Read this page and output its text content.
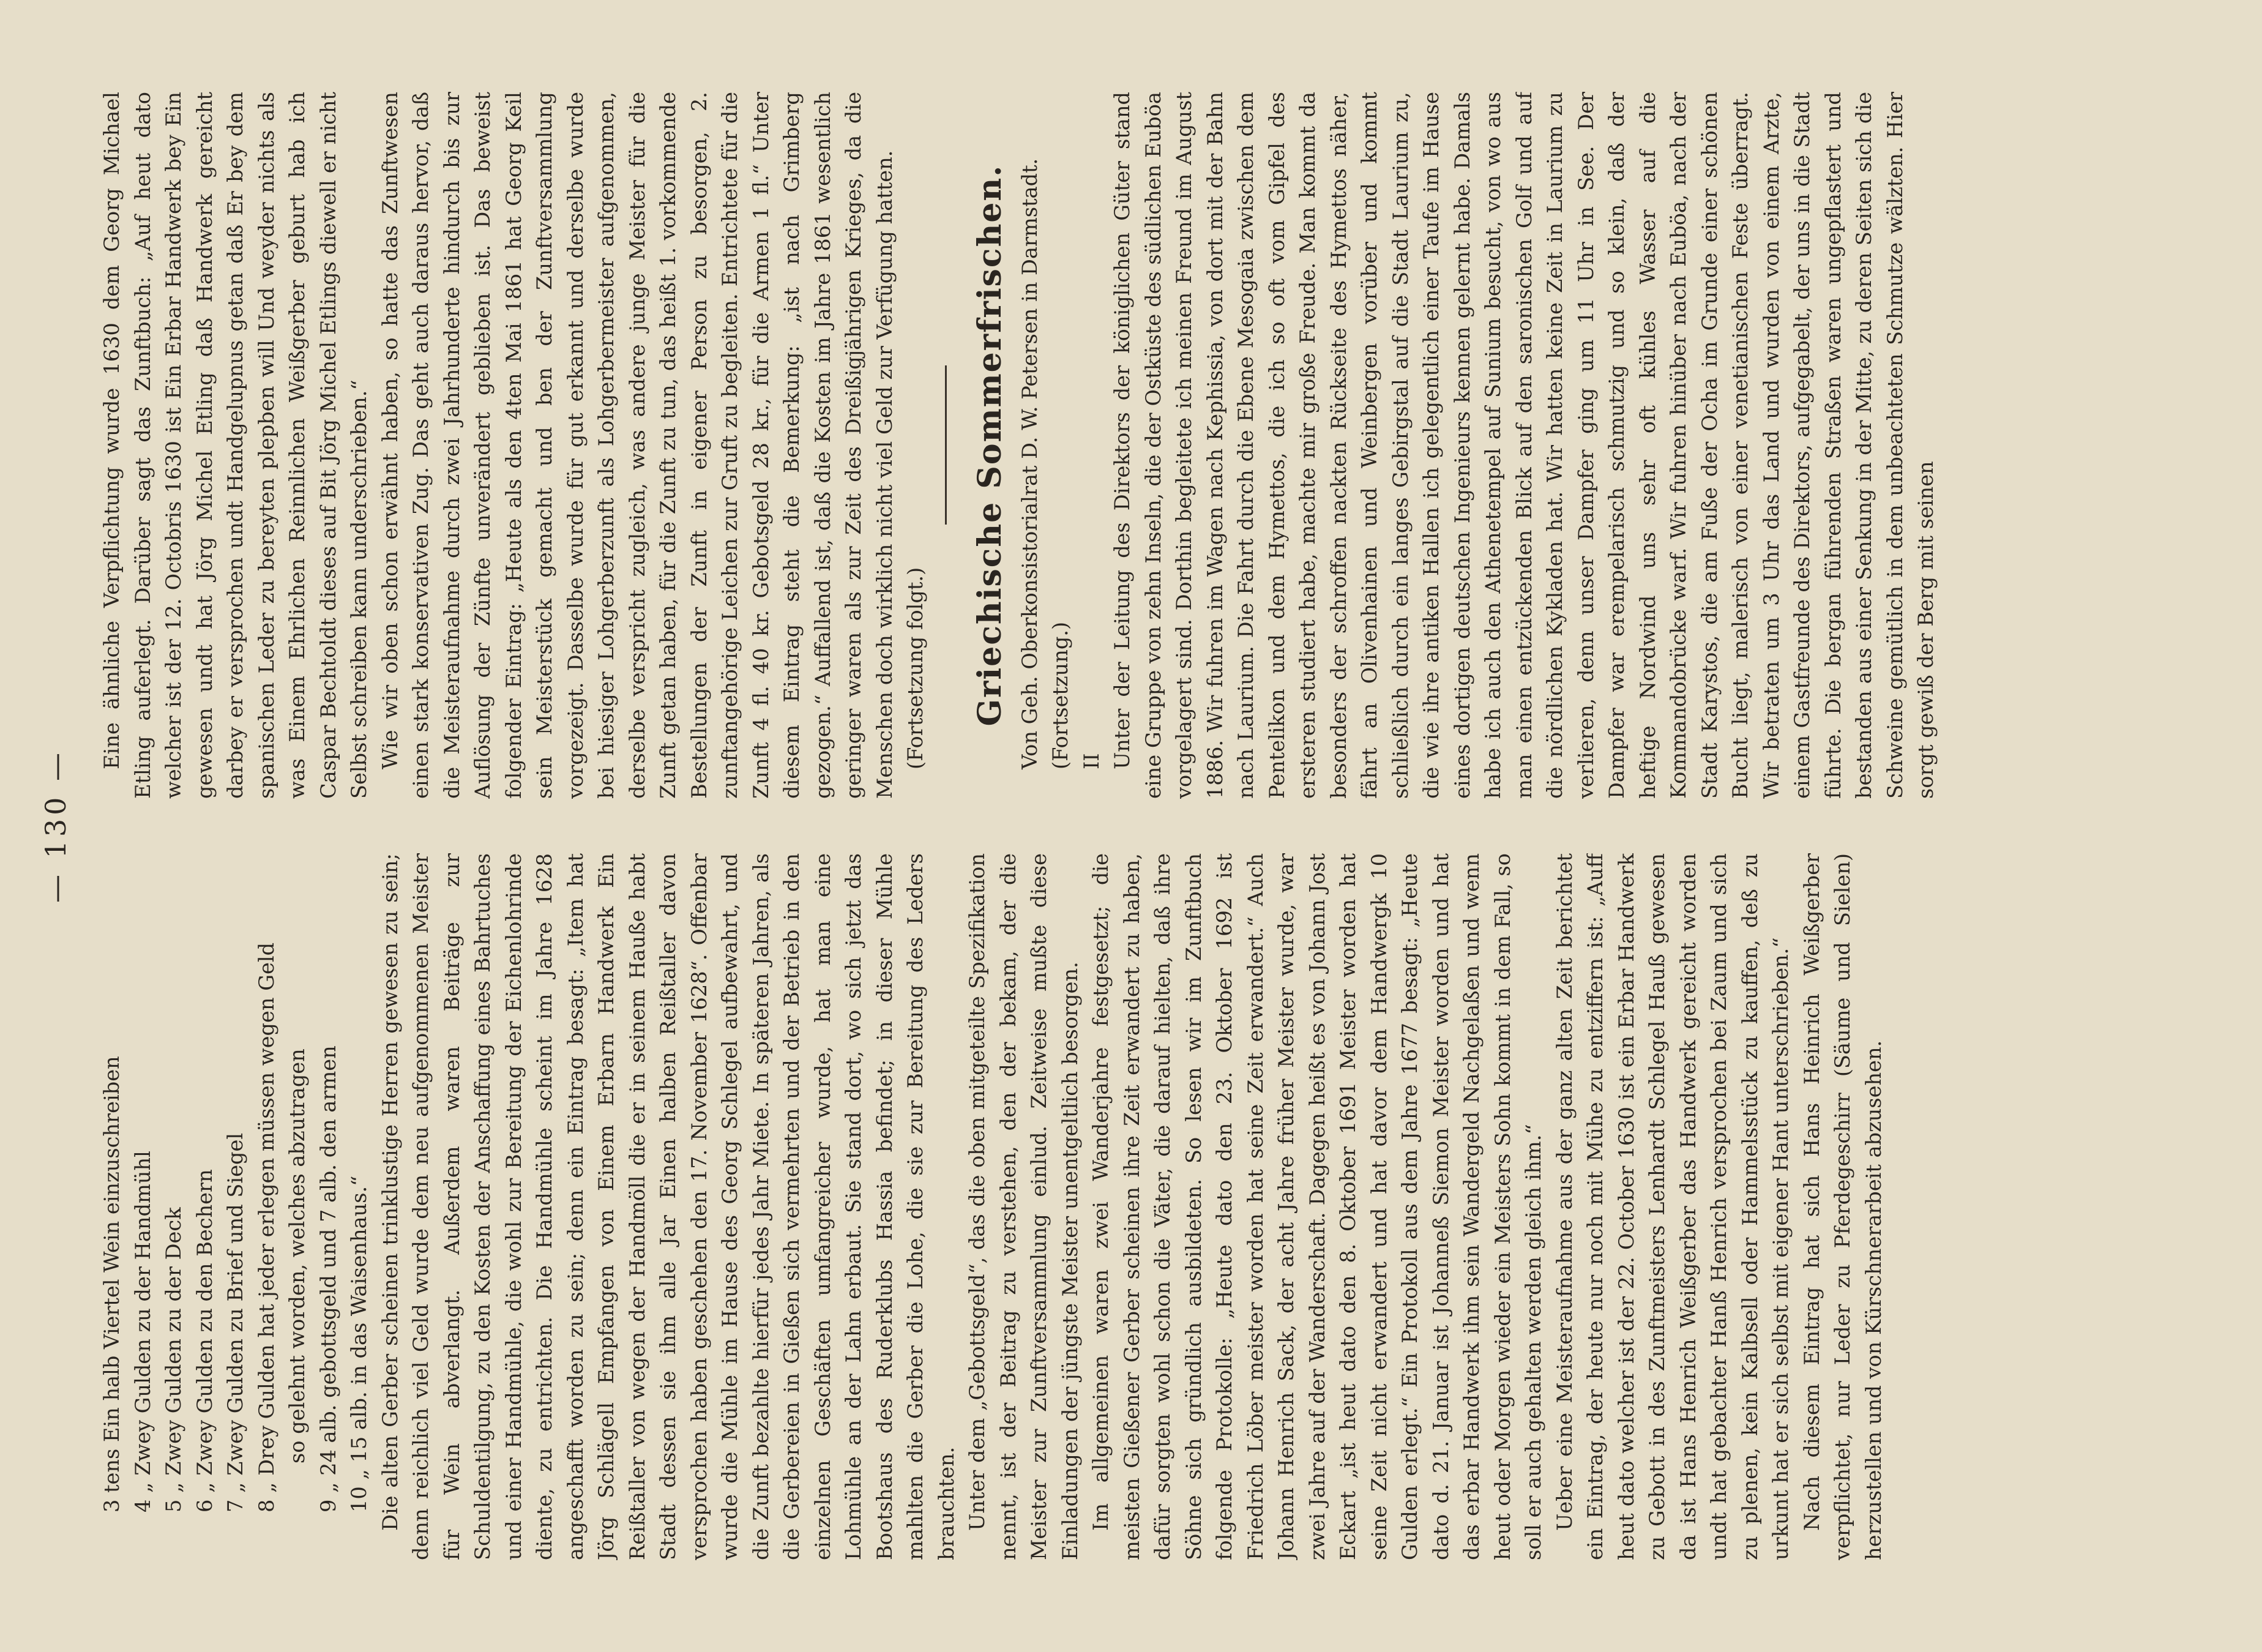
— 130 —

3 tens Ein halb Viertel Wein einzuschreiben 4 „ Zwey Gulden zu der Handmühl 5 „ Zwey Gulden zu der Deck 6 „ Zwey Gulden zu den Bechern 7 „ Zwey Gulden zu Brief und Siegel 8 „ Drey Gulden hat jeder erlegen müssen wegen Geld so gelehnt worden, welches abzutragen 9 „ 24 alb. gebottsgeld und 7 alb. den armen 10 „ 15 alb. in das Waisenhaus.“ Die alten Gerber scheinen trinklustige Herren gewesen zu sein; denn reichlich viel Geld wurde dem neu aufgenommenen Meister für Wein abverlangt. Außerdem waren Beiträge zur Schuldentilgung, zu den Kosten der Anschaffung eines Bahrtuches und einer Handmühle, die wohl zur Bereitung der Eichenlohrinde diente, zu entrichten. Die Handmühle scheint im Jahre 1628 angeschafft worden zu sein; denn ein Eintrag besagt: „Item hat Jörg Schlägell Empfangen von Einem Erbarn Handwerk Ein Reißtaller von wegen der Handmöll die er in seinem Hauße habt Stadt dessen sie ihm alle Jar Einen halben Reißtaller davon versprochen haben geschehen den 17. November 1628“. Offenbar wurde die Mühle im Hause des Georg Schlegel aufbewahrt, und die Zunft bezahlte hierfür jedes Jahr Miete. In späteren Jahren, als die Gerbereien in Gießen sich vermehrten und der Betrieb in den einzelnen Geschäften umfangreicher wurde, hat man eine Lohmühle an der Lahn erbaut. Sie stand dort, wo sich jetzt das Bootshaus des Ruderklubs Hassia befindet; in dieser Mühle mahlten die Gerber die Lohe, die sie zur Bereitung des Leders brauchten. Unter dem „Gebottsgeld“, das die oben mitgeteilte Spezifikation nennt, ist der Beitrag zu verstehen, den der bekam, der die Meister zur Zunftversammlung einlud. Zeitweise mußte diese Einladungen der jüngste Meister unentgeltlich besorgen. Im allgemeinen waren zwei Wanderjahre festgesetzt; die meisten Gießener Gerber scheinen ihre Zeit erwandert zu haben, dafür sorgten wohl schon die Väter, die darauf hielten, daß ihre Söhne sich gründlich ausbildeten. So lesen wir im Zunftbuch folgende Protokolle: „Heute dato den 23. Oktober 1692 ist Friedrich Löber meister worden hat seine Zeit erwandert.“ Auch Johann Henrich Sack, der acht Jahre früher Meister wurde, war zwei Jahre auf der Wanderschaft. Dagegen heißt es von Johann Jost Eckart „ist heut dato den 8. Oktober 1691 Meister worden hat seine Zeit nicht erwandert und hat davor dem Handwergk 10 Gulden erlegt.“ Ein Protokoll aus dem Jahre 1677 besagt: „Heute dato d. 21. Januar ist Johanneß Siemon Meister worden und hat das erbar Handwerk ihm sein Wandergeld Nachgelaßen und wenn heut oder Morgen wieder ein Meisters Sohn kommt in dem Fall, so soll er auch gehalten werden gleich ihm.“ Ueber eine Meisteraufnahme aus der ganz alten Zeit berichtet ein Eintrag, der heute nur noch mit Mühe zu entziffern ist: „Auff heut dato welcher ist der 22. October 1630 ist ein Erbar Handwerk zu Gebott in des Zunftmeisters Lenhardt Schlegel Hauß gewesen da ist Hans Henrich Weißgerber das Handwerk gereicht worden undt hat gebachter Hanß Henrich versprochen bei Zaum und sich zu plenen, kein Kalbsell oder Hammelsstück zu kauffen, deß zu urkunt hat er sich selbst mit eigener Hant unterschrieben.“ Nach diesem Eintrag hat sich Hans Heinrich Weißgerber verpflichtet, nur Leder zu Pferdegeschirr (Säume und Sielen) herzustellen und von Kürschnerarbeit abzusehen.

Eine ähnliche Verpflichtung wurde 1630 dem Georg Michael Etling auferlegt. Darüber sagt das Zunftbuch: „Auf heut dato welcher ist der 12. Octobris 1630 ist Ein Erbar Handwerk bey Ein gewesen undt hat Jörg Michel Etling daß Handwerk gereicht darbey er versprochen undt Handgelupnus getan daß Er bey dem spanischen Leder zu bereyten plepben will Und weyder nichts als was Einem Ehrlichen Reinnlichen Weißgerber geburt hab ich Caspar Bechtoldt dieses auf Bit Jörg Michel Etlings diewell er nicht Selbst schreiben kann underschrieben.“ Wie wir oben schon erwähnt haben, so hatte das Zunftwesen einen stark konservativen Zug. Das geht auch daraus hervor, daß die Meisteraufnahme durch zwei Jahrhunderte hindurch bis zur Auflösung der Zünfte unverändert geblieben ist. Das beweist folgender Eintrag: „Heute als den 4ten Mai 1861 hat Georg Keil sein Meisterstück gemacht und ben der Zunftversammlung vorgezeigt. Dasselbe wurde für gut erkannt und derselbe wurde bei hiesiger Lohgerberzunft als Lohgerbermeister aufgenommen, derselbe verspricht zugleich, was andere junge Meister für die Zunft getan haben, für die Zunft zu tun, das heißt 1. vorkommende Bestellungen der Zunft in eigener Person zu besorgen, 2. zunftangehörige Leichen zur Gruft zu begleiten. Entrichtete für die Zunft 4 fl. 40 kr. Gebotsgeld 28 kr., für die Armen 1 fl.“ Unter diesem Eintrag steht die Bemerkung: „ist nach Grimberg gezogen.“ Auffallend ist, daß die Kosten im Jahre 1861 wesentlich geringer waren als zur Zeit des Dreißigjährigen Krieges, da die Menschen doch wirklich nicht viel Geld zur Verfügung hatten. (Fortsetzung folgt.) Griechische Sommerfrischen. Von Geh. Oberkonsistorialrat D. W. Petersen in Darmstadt. (Fortsetzung.) II Unter der Leitung des Direktors der königlichen Güter stand eine Gruppe von zehn Inseln, die der Ostküste des südlichen Euböa vorgelagert sind. Dorthin begleitete ich meinen Freund im August 1886. Wir fuhren im Wagen nach Kephissia, von dort mit der Bahn nach Laurium. Die Fahrt durch die Ebene Mesogaia zwischen dem Pentelikon und dem Hymettos, die ich so oft vom Gipfel des ersteren studiert habe, machte mir große Freude. Man kommt da besonders der schroffen nackten Rückseite des Hymettos näher, fährt an Olivenhainen und Weinbergen vorüber und kommt schließlich durch ein langes Gebirgstal auf die Stadt Laurium zu, die wie ihre antiken Hallen ich gelegentlich einer Taufe im Hause eines dortigen deutschen Ingenieurs kennen gelernt habe. Damals habe ich auch den Athenetempel auf Sunium besucht, von wo aus man einen entzückenden Blick auf den saronischen Golf und auf die nördlichen Kykladen hat. Wir hatten keine Zeit in Laurium zu verlieren, denn unser Dampfer ging um 11 Uhr in See. Der Dampfer war erempelarisch schmutzig und so klein, daß der heftige Nordwind uns sehr oft kühles Wasser auf die Kommandobrücke warf. Wir fuhren hinüber nach Euböa, nach der Stadt Karystos, die am Fuße der Ocha im Grunde einer schönen Bucht liegt, malerisch von einer venetianischen Feste überragt. Wir betraten um 3 Uhr das Land und wurden von einem Arzte, einem Gastfreunde des Direktors, aufgegabelt, der uns in die Stadt führte. Die bergan führenden Straßen waren ungepflastert und bestanden aus einer Senkung in der Mitte, zu deren Seiten sich die Schweine gemütlich in dem unbeachteten Schmutze wälzten. Hier sorgt gewiß der Berg mit seinen
